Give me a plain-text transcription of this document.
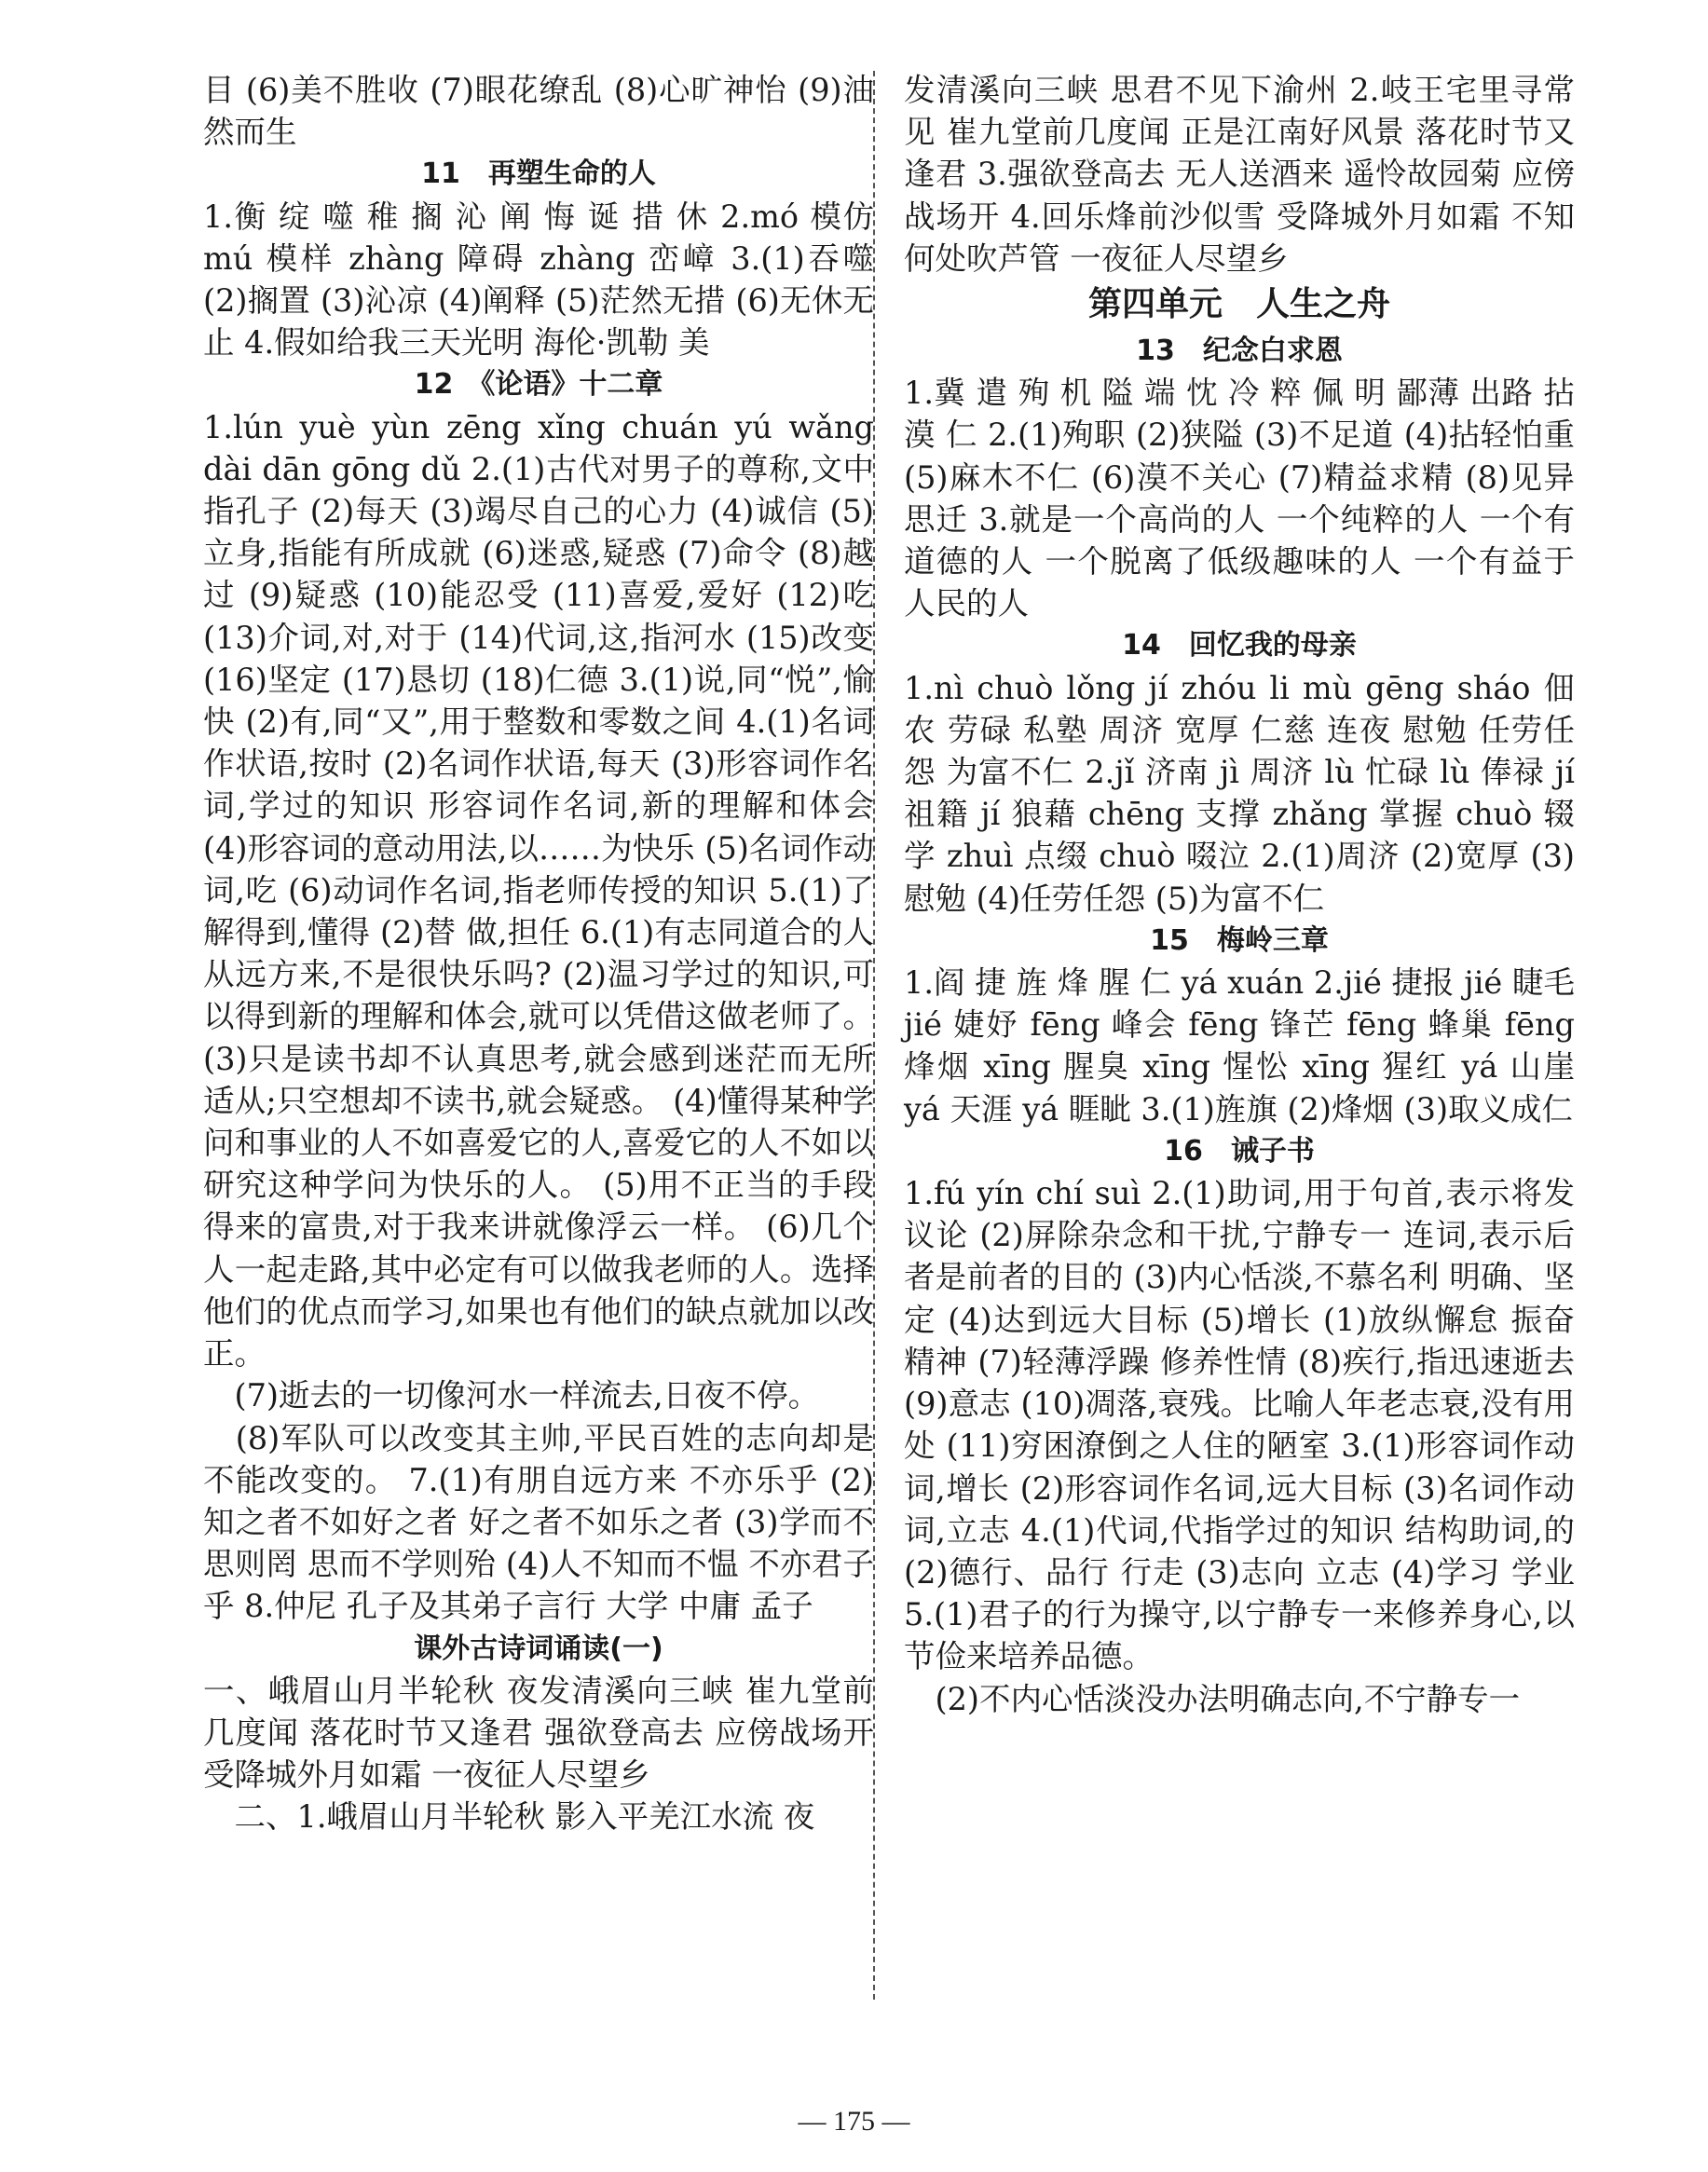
目 (6)美不胜收 (7)眼花缭乱 (8)心旷神怡 (9)油然而生

11　再塑生命的人

1.衡 绽 噬 稚 搁 沁 阐 悔 诞 措 休 2.mó 模仿 mú 模样 zhàng 障碍 zhàng 峦嶂 3.(1)吞噬 (2)搁置 (3)沁凉 (4)阐释 (5)茫然无措 (6)无休无止 4.假如给我三天光明 海伦·凯勒 美

12　《论语》十二章

1.lún yuè yùn zēng xǐng chuán yú wǎng dài dān gōng dǔ 2.(1)古代对男子的尊称,文中指孔子 (2)每天 (3)竭尽自己的心力 (4)诚信 (5)立身,指能有所成就 (6)迷惑,疑惑 (7)命令 (8)越过 (9)疑惑 (10)能忍受 (11)喜爱,爱好 (12)吃 (13)介词,对,对于 (14)代词,这,指河水 (15)改变 (16)坚定 (17)恳切 (18)仁德 3.(1)说,同“悦”,愉快 (2)有,同“又”,用于整数和零数之间 4.(1)名词作状语,按时 (2)名词作状语,每天 (3)形容词作名词,学过的知识 形容词作名词,新的理解和体会 (4)形容词的意动用法,以……为快乐 (5)名词作动词,吃 (6)动词作名词,指老师传授的知识 5.(1)了解得到,懂得 (2)替 做,担任 6.(1)有志同道合的人从远方来,不是很快乐吗? (2)温习学过的知识,可以得到新的理解和体会,就可以凭借这做老师了。 (3)只是读书却不认真思考,就会感到迷茫而无所适从;只空想却不读书,就会疑惑。 (4)懂得某种学问和事业的人不如喜爱它的人,喜爱它的人不如以研究这种学问为快乐的人。 (5)用不正当的手段得来的富贵,对于我来讲就像浮云一样。 (6)几个人一起走路,其中必定有可以做我老师的人。选择他们的优点而学习,如果也有他们的缺点就加以改正。

　(7)逝去的一切像河水一样流去,日夜不停。

　(8)军队可以改变其主帅,平民百姓的志向却是不能改变的。 7.(1)有朋自远方来 不亦乐乎 (2)知之者不如好之者 好之者不如乐之者 (3)学而不思则罔 思而不学则殆 (4)人不知而不愠 不亦君子乎 8.仲尼 孔子及其弟子言行 大学 中庸 孟子

课外古诗词诵读(一)

一、峨眉山月半轮秋 夜发清溪向三峡 崔九堂前几度闻 落花时节又逢君 强欲登高去 应傍战场开 受降城外月如霜 一夜征人尽望乡

　二、1.峨眉山月半轮秋 影入平羌江水流 夜

发清溪向三峡 思君不见下渝州 2.岐王宅里寻常见 崔九堂前几度闻 正是江南好风景 落花时节又逢君 3.强欲登高去 无人送酒来 遥怜故园菊 应傍战场开 4.回乐烽前沙似雪 受降城外月如霜 不知何处吹芦管 一夜征人尽望乡

第四单元　人生之舟

13　纪念白求恩

1.冀 遣 殉 机 隘 端 忱 冷 粹 佩 明 鄙薄 出路 拈 漠 仁 2.(1)殉职 (2)狭隘 (3)不足道 (4)拈轻怕重 (5)麻木不仁 (6)漠不关心 (7)精益求精 (8)见异思迁 3.就是一个高尚的人 一个纯粹的人 一个有道德的人 一个脱离了低级趣味的人 一个有益于人民的人

14　回忆我的母亲

1.nì chuò lǒng jí zhóu li mù gēng sháo 佃农 劳碌 私塾 周济 宽厚 仁慈 连夜 慰勉 任劳任怨 为富不仁 2.jǐ 济南 jì 周济 lù 忙碌 lù 俸禄 jí 祖籍 jí 狼藉 chēng 支撑 zhǎng 掌握 chuò 辍学 zhuì 点缀 chuò 啜泣 2.(1)周济 (2)宽厚 (3)慰勉 (4)任劳任怨 (5)为富不仁

15　梅岭三章

1.阎 捷 旌 烽 腥 仁 yá xuán 2.jié 捷报 jié 睫毛 jié 婕妤 fēng 峰会 fēng 锋芒 fēng 蜂巢 fēng 烽烟 xīng 腥臭 xīng 惺忪 xīng 猩红 yá 山崖 yá 天涯 yá 睚眦 3.(1)旌旗 (2)烽烟 (3)取义成仁

16　诫子书

1.fú yín chí suì 2.(1)助词,用于句首,表示将发议论 (2)屏除杂念和干扰,宁静专一 连词,表示后者是前者的目的 (3)内心恬淡,不慕名利 明确、坚定 (4)达到远大目标 (5)增长 (1)放纵懈怠 振奋精神 (7)轻薄浮躁 修养性情 (8)疾行,指迅速逝去 (9)意志 (10)凋落,衰残。比喻人年老志衰,没有用处 (11)穷困潦倒之人住的陋室 3.(1)形容词作动词,增长 (2)形容词作名词,远大目标 (3)名词作动词,立志 4.(1)代词,代指学过的知识 结构助词,的 (2)德行、品行 行走 (3)志向 立志 (4)学习 学业 5.(1)君子的行为操守,以宁静专一来修养身心,以节俭来培养品德。

　(2)不内心恬淡没办法明确志向,不宁静专一

— 175 —
